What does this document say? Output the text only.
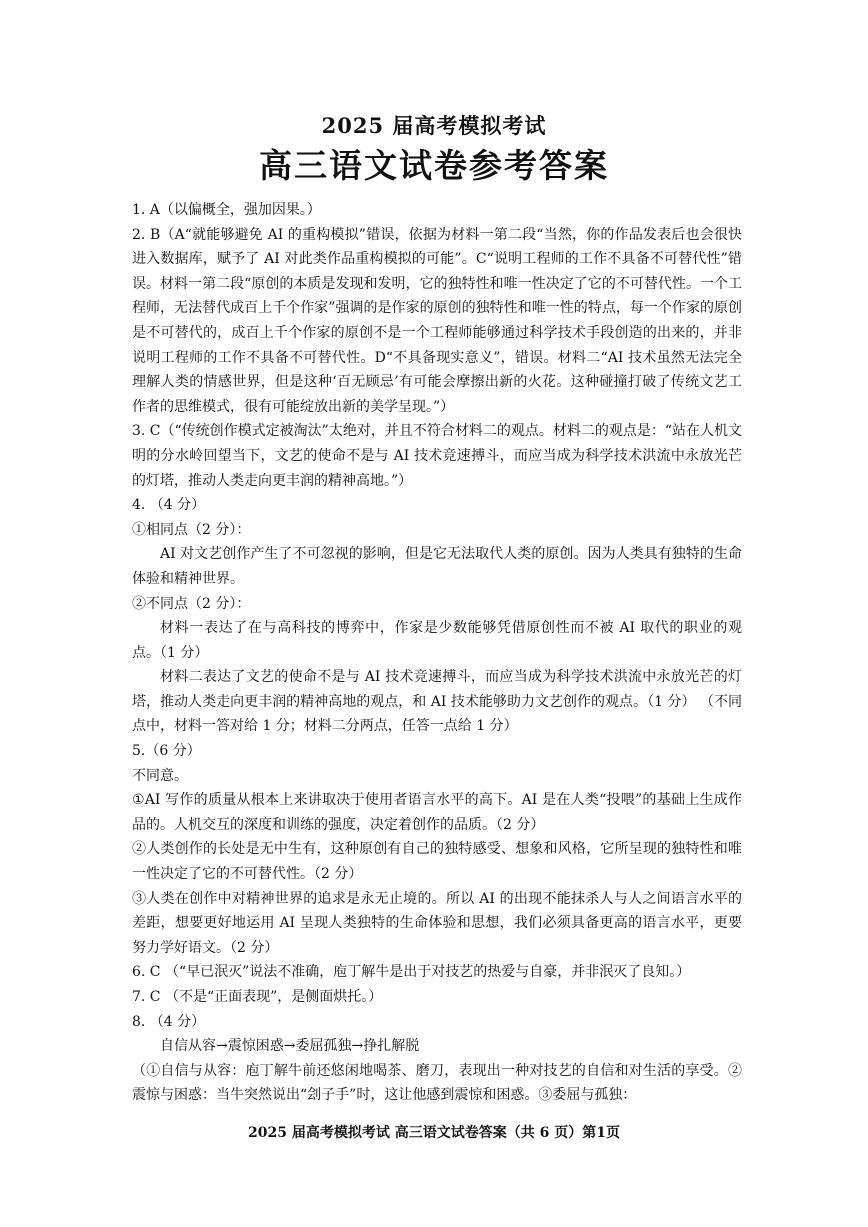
2025 届高考模拟考试
高三语文试卷参考答案

1. A（以偏概全，强加因果。）

2. B（A“就能够避免 AI 的重构模拟”错误，依据为材料一第二段“当然，你的作品发表后也会很快进入数据库，赋予了 AI 对此类作品重构模拟的可能”。C“说明工程师的工作不具备不可替代性”错误。材料一第二段“原创的本质是发现和发明，它的独特性和唯一性决定了它的不可替代性。一个工程师，无法替代成百上千个作家”强调的是作家的原创的独特性和唯一性的特点，每一个作家的原创是不可替代的，成百上千个作家的原创不是一个工程师能够通过科学技术手段创造的出来的，并非说明工程师的工作不具备不可替代性。D“不具备现实意义”，错误。材料二“AI 技术虽然无法完全理解人类的情感世界，但是这种‘百无顾忌’有可能会摩擦出新的火花。这种碰撞打破了传统文艺工作者的思维模式，很有可能绽放出新的美学呈现。”）

3. C（“传统创作模式定被淘汰”太绝对，并且不符合材料二的观点。材料二的观点是：“站在人机文明的分水岭回望当下，文艺的使命不是与 AI 技术竞速搏斗，而应当成为科学技术洪流中永放光芒的灯塔，推动人类走向更丰润的精神高地。”）

4. （4 分）

①相同点（2 分）：

AI 对文艺创作产生了不可忽视的影响，但是它无法取代人类的原创。因为人类具有独特的生命体验和精神世界。

②不同点（2 分）：

材料一表达了在与高科技的博弈中，作家是少数能够凭借原创性而不被 AI 取代的职业的观点。（1 分）

材料二表达了文艺的使命不是与 AI 技术竞速搏斗，而应当成为科学技术洪流中永放光芒的灯塔，推动人类走向更丰润的精神高地的观点，和 AI 技术能够助力文艺创作的观点。（1 分） （不同点中，材料一答对给 1 分；材料二分两点，任答一点给 1 分）

5.（6 分）

不同意。

①AI 写作的质量从根本上来讲取决于使用者语言水平的高下。AI 是在人类“投喂”的基础上生成作品的。人机交互的深度和训练的强度，决定着创作的品质。（2 分）

②人类创作的长处是无中生有，这种原创有自己的独特感受、想象和风格，它所呈现的独特性和唯一性决定了它的不可替代性。（2 分）

③人类在创作中对精神世界的追求是永无止境的。所以 AI 的出现不能抹杀人与人之间语言水平的差距，想要更好地运用 AI 呈现人类独特的生命体验和思想，我们必须具备更高的语言水平，更要努力学好语文。（2 分）

6. C （“早已泯灭”说法不准确，庖丁解牛是出于对技艺的热爱与自豪，并非泯灭了良知。）

7. C （不是“正面表现”，是侧面烘托。）

8. （4 分）

自信从容→震惊困惑→委屈孤独→挣扎解脱

（①自信与从容：庖丁解牛前还悠闲地喝茶、磨刀，表现出一种对技艺的自信和对生活的享受。②震惊与困惑：当牛突然说出“刽子手”时，这让他感到震惊和困惑。③委屈与孤独：

2025 届高考模拟考试 高三语文试卷答案（共 6 页）第1页
